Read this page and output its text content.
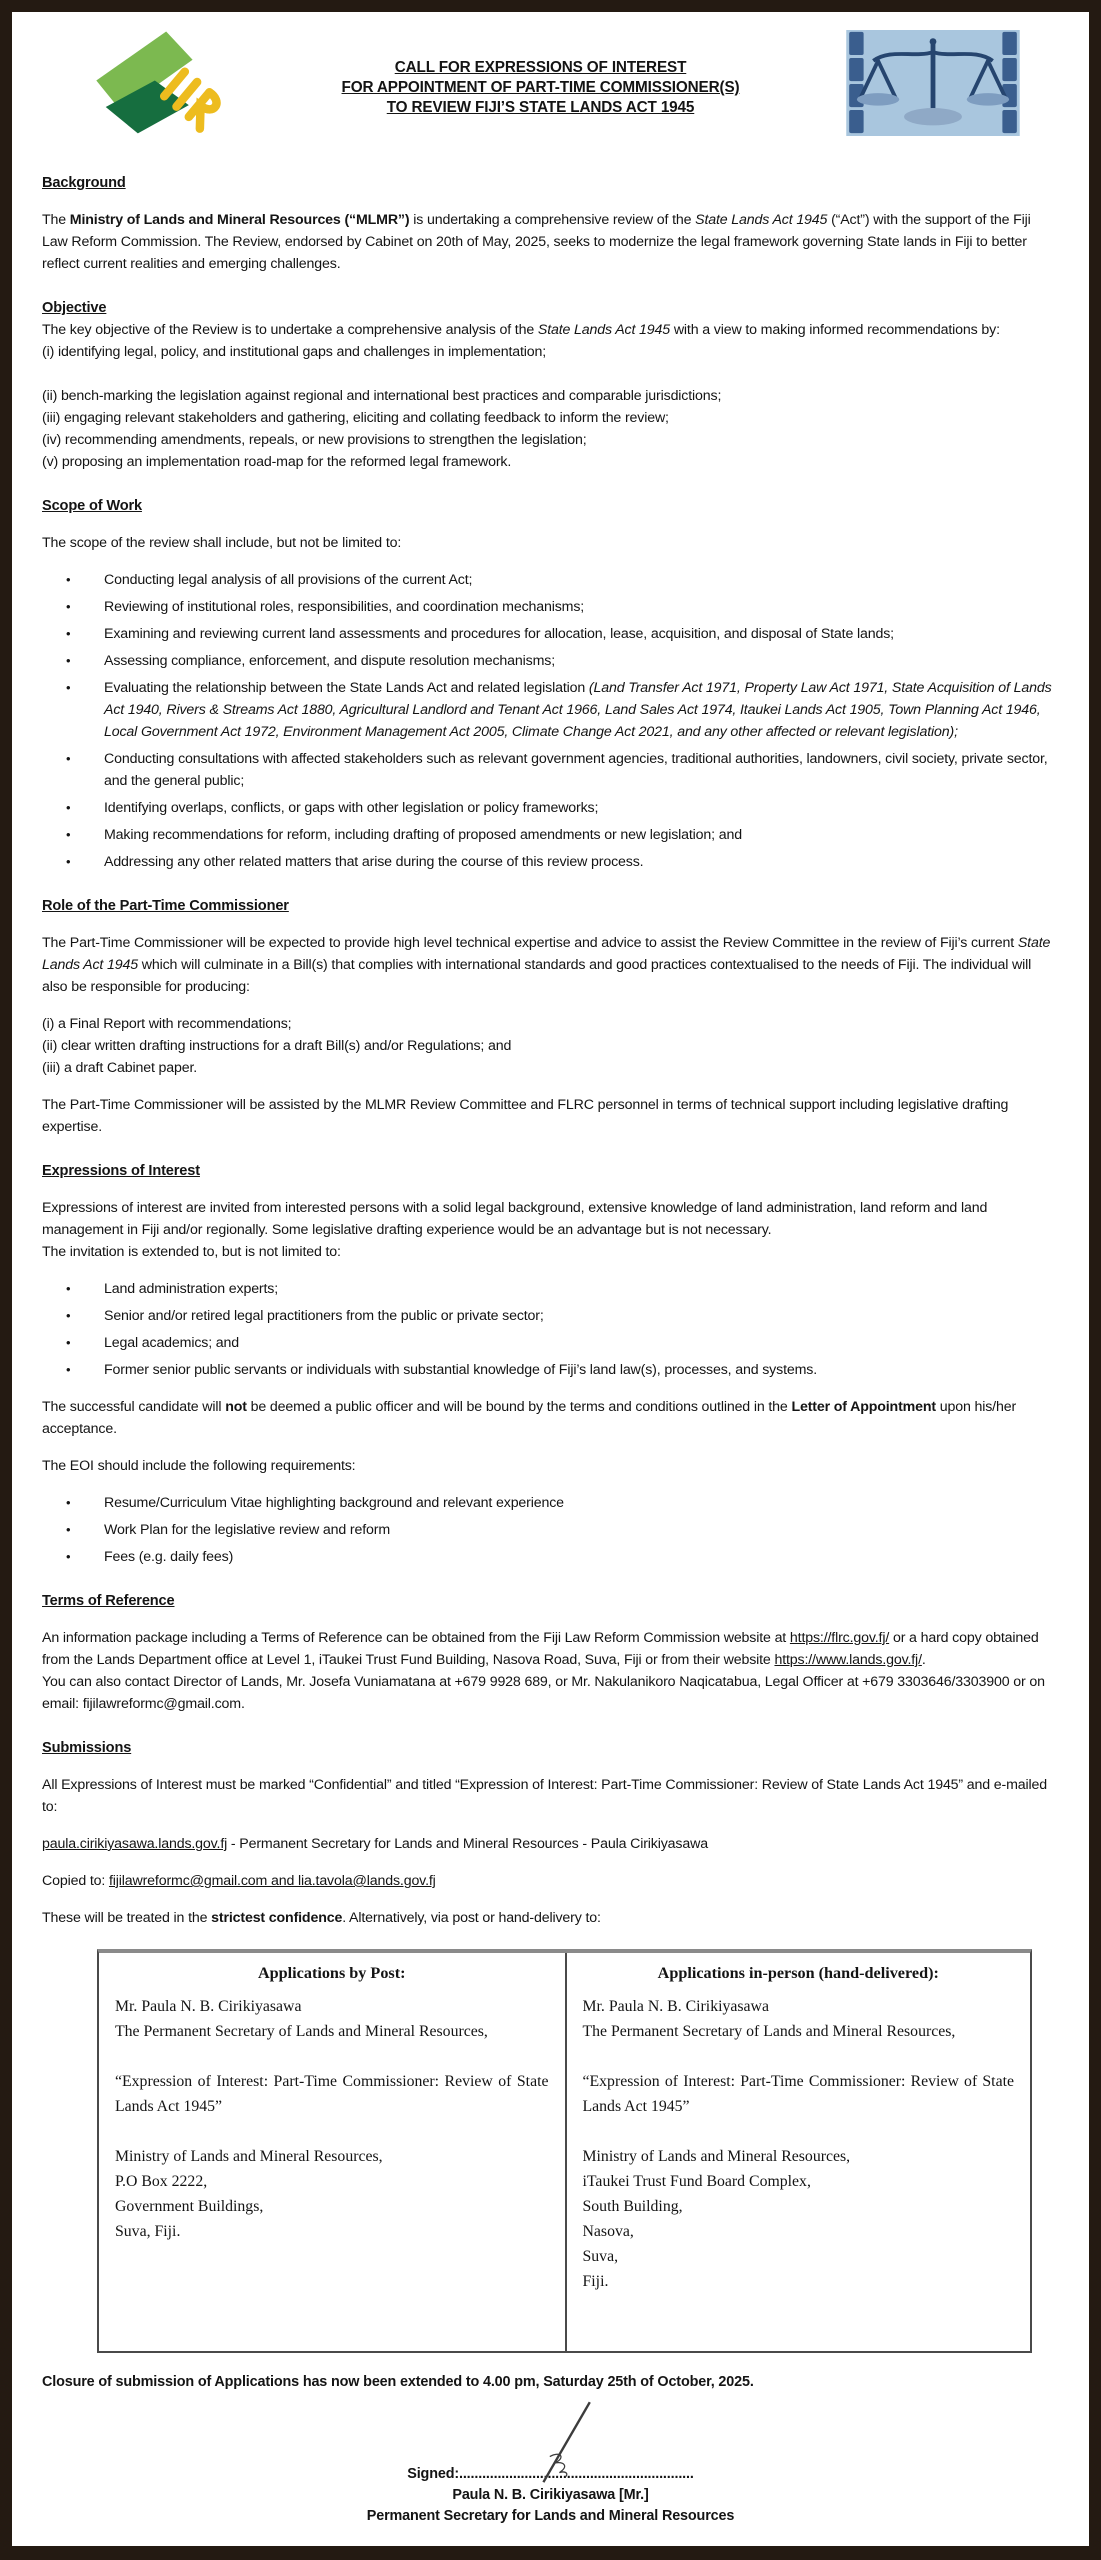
CALL FOR EXPRESSIONS OF INTEREST
FOR APPOINTMENT OF PART-TIME COMMISSIONER(S)
TO REVIEW FIJI’S STATE LANDS ACT 1945
Background
The Ministry of Lands and Mineral Resources (“MLMR”) is undertaking a comprehensive review of the State Lands Act 1945 (“Act”) with the support of the Fiji Law Reform Commission. The Review, endorsed by Cabinet on 20th of May, 2025, seeks to modernize the legal framework governing State lands in Fiji to better reflect current realities and emerging challenges.
Objective
The key objective of the Review is to undertake a comprehensive analysis of the State Lands Act 1945 with a view to making informed recommendations by:
(i) identifying legal, policy, and institutional gaps and challenges in implementation;
(ii) bench-marking the legislation against regional and international best practices and comparable jurisdictions;
(iii) engaging relevant stakeholders and gathering, eliciting and collating feedback to inform the review;
(iv) recommending amendments, repeals, or new provisions to strengthen the legislation;
(v) proposing an implementation road-map for the reformed legal framework.
Scope of Work
The scope of the review shall include, but not be limited to:
•	Conducting legal analysis of all provisions of the current Act;
•	Reviewing of institutional roles, responsibilities, and coordination mechanisms;
•	Examining and reviewing current land assessments and procedures for allocation, lease, acquisition, and disposal of State lands;
•	Assessing compliance, enforcement, and dispute resolution mechanisms;
•	Evaluating the relationship between the State Lands Act and related legislation (Land Transfer Act 1971, Property Law Act 1971, State Acquisition of Lands Act 1940, Rivers & Streams Act 1880, Agricultural Landlord and Tenant Act 1966, Land Sales Act 1974, Itaukei Lands Act 1905, Town Planning Act 1946, Local Government Act 1972, Environment Management Act 2005, Climate Change Act 2021, and any other affected or relevant legislation);
•	Conducting consultations with affected stakeholders such as relevant government agencies, traditional authorities, landowners, civil society, private sector, and the general public;
•	Identifying overlaps, conflicts, or gaps with other legislation or policy frameworks;
•	Making recommendations for reform, including drafting of proposed amendments or new legislation; and
•	Addressing any other related matters that arise during the course of this review process.
Role of the Part-Time Commissioner
The Part-Time Commissioner will be expected to provide high level technical expertise and advice to assist the Review Committee in the review of Fiji’s current State Lands Act 1945 which will culminate in a Bill(s) that complies with international standards and good practices contextualised to the needs of Fiji. The individual will also be responsible for producing:
(i) a Final Report with recommendations;
(ii) clear written drafting instructions for a draft Bill(s) and/or Regulations; and
(iii) a draft Cabinet paper.
The Part-Time Commissioner will be assisted by the MLMR Review Committee and FLRC personnel in terms of technical support including legislative drafting expertise.
Expressions of Interest
Expressions of interest are invited from interested persons with a solid legal background, extensive knowledge of land administration, land reform and land management in Fiji and/or regionally. Some legislative drafting experience would be an advantage but is not necessary.
The invitation is extended to, but is not limited to:
•	Land administration experts;
•	Senior and/or retired legal practitioners from the public or private sector;
•	Legal academics; and
•	Former senior public servants or individuals with substantial knowledge of Fiji’s land law(s), processes, and systems.
The successful candidate will not be deemed a public officer and will be bound by the terms and conditions outlined in the Letter of Appointment upon his/her acceptance.
The EOI should include the following requirements:
•	Resume/Curriculum Vitae highlighting background and relevant experience
•	Work Plan for the legislative review and reform
•	Fees (e.g. daily fees)
Terms of Reference
An information package including a Terms of Reference can be obtained from the Fiji Law Reform Commission website at https://flrc.gov.fj/ or a hard copy obtained from the Lands Department office at Level 1, iTaukei Trust Fund Building, Nasova Road, Suva, Fiji or from their website https://www.lands.gov.fj/.
You can also contact Director of Lands, Mr. Josefa Vuniamatana at +679 9928 689, or Mr. Nakulanikoro Naqicatabua, Legal Officer at +679 3303646/3303900 or on email: fijilawreformc@gmail.com.
Submissions
All Expressions of Interest must be marked “Confidential” and titled “Expression of Interest: Part-Time Commissioner: Review of State Lands Act 1945” and e-mailed to:
paula.cirikiyasawa.lands.gov.fj - Permanent Secretary for Lands and Mineral Resources - Paula Cirikiyasawa
Copied to: fijilawreformc@gmail.com and lia.tavola@lands.gov.fj
These will be treated in the strictest confidence. Alternatively, via post or hand-delivery to:
Applications by Post:
Mr. Paula N. B. Cirikiyasawa
The Permanent Secretary of Lands and Mineral Resources,
“Expression of Interest: Part-Time Commissioner: Review of State Lands Act 1945”
Ministry of Lands and Mineral Resources,
P.O Box 2222,
Government Buildings,
Suva, Fiji.
Applications in-person (hand-delivered):
Mr. Paula N. B. Cirikiyasawa
The Permanent Secretary of Lands and Mineral Resources,
“Expression of Interest: Part-Time Commissioner: Review of State Lands Act 1945”
Ministry of Lands and Mineral Resources,
iTaukei Trust Fund Board Complex,
South Building,
Nasova,
Suva,
Fiji.
Closure of submission of Applications has now been extended to 4.00 pm, Saturday 25th of October, 2025.
Signed:.............................................................
Paula N. B. Cirikiyasawa [Mr.]
Permanent Secretary for Lands and Mineral Resources
